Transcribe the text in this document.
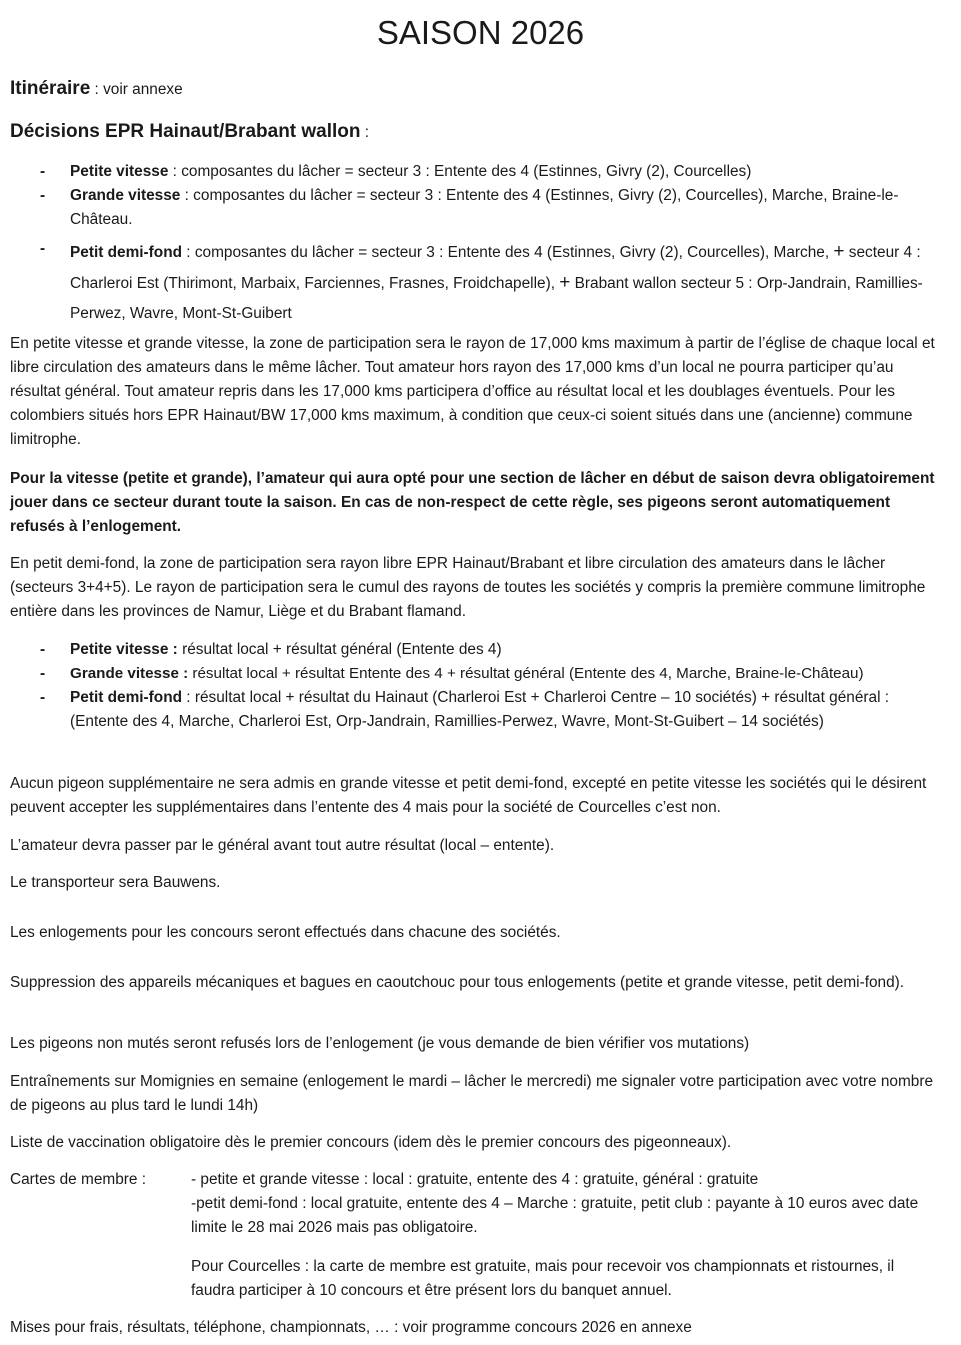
SAISON 2026

Itinéraire : voir annexe

Décisions EPR Hainaut/Brabant wallon :

- Petite vitesse : composantes du lâcher = secteur 3 : Entente des 4 (Estinnes, Givry (2), Courcelles)

- Grande vitesse : composantes du lâcher = secteur 3 : Entente des 4 (Estinnes, Givry (2), Courcelles), Marche, Braine-le-Château.

- Petit demi-fond : composantes du lâcher = secteur 3 : Entente des 4 (Estinnes, Givry (2), Courcelles), Marche, + secteur 4 : Charleroi Est (Thirimont, Marbaix, Farciennes, Frasnes, Froidchapelle), + Brabant wallon secteur 5 : Orp-Jandrain, Ramillies-Perwez, Wavre, Mont-St-Guibert

En petite vitesse et grande vitesse, la zone de participation sera le rayon de 17,000 kms maximum à partir de l’église de chaque local et libre circulation des amateurs dans le même lâcher. Tout amateur hors rayon des 17,000 kms d’un local ne pourra participer qu’au résultat général. Tout amateur repris dans les 17,000 kms participera d’office au résultat local et les doublages éventuels. Pour les colombiers situés hors EPR Hainaut/BW 17,000 kms maximum, à condition que ceux-ci soient situés dans une (ancienne) commune limitrophe.

Pour la vitesse (petite et grande), l’amateur qui aura opté pour une section de lâcher en début de saison devra obligatoirement jouer dans ce secteur durant toute la saison. En cas de non-respect de cette règle, ses pigeons seront automatiquement refusés à l’enlogement.

En petit demi-fond, la zone de participation sera rayon libre EPR Hainaut/Brabant et libre circulation des amateurs dans le lâcher (secteurs 3+4+5). Le rayon de participation sera le cumul des rayons de toutes les sociétés y compris la première commune limitrophe entière dans les provinces de Namur, Liège et du Brabant flamand.

- Petite vitesse : résultat local + résultat général (Entente des 4)

- Grande vitesse : résultat local + résultat Entente des 4 + résultat général (Entente des 4, Marche, Braine-le-Château)

- Petit demi-fond : résultat local + résultat du Hainaut (Charleroi Est + Charleroi Centre – 10 sociétés) + résultat général : (Entente des 4, Marche, Charleroi Est, Orp-Jandrain, Ramillies-Perwez, Wavre, Mont-St-Guibert – 14 sociétés)

Aucun pigeon supplémentaire ne sera admis en grande vitesse et petit demi-fond, excepté en petite vitesse les sociétés qui le désirent peuvent accepter les supplémentaires dans l’entente des 4 mais pour la société de Courcelles c’est non.

L’amateur devra passer par le général avant tout autre résultat (local – entente).

Le transporteur sera Bauwens.

Les enlogements pour les concours seront effectués dans chacune des sociétés.

Suppression des appareils mécaniques et bagues en caoutchouc pour tous enlogements (petite et grande vitesse, petit demi-fond).

Les pigeons non mutés seront refusés lors de l’enlogement (je vous demande de bien vérifier vos mutations)

Entraînements sur Momignies en semaine (enlogement le mardi – lâcher le mercredi) me signaler votre participation avec votre nombre de pigeons au plus tard le lundi 14h)

Liste de vaccination obligatoire dès le premier concours (idem dès le premier concours des pigeonneaux).

Cartes de membre :	- petite et grande vitesse : local : gratuite, entente des 4 : gratuite, général : gratuite

-petit demi-fond : local gratuite, entente des 4 – Marche : gratuite, petit club : payante à 10 euros avec date limite le 28 mai 2026 mais pas obligatoire.

Pour Courcelles : la carte de membre est gratuite, mais pour recevoir vos championnats et ristournes, il faudra participer à 10 concours et être présent lors du banquet annuel.

Mises pour frais, résultats, téléphone, championnats, … : voir programme concours 2026 en annexe
